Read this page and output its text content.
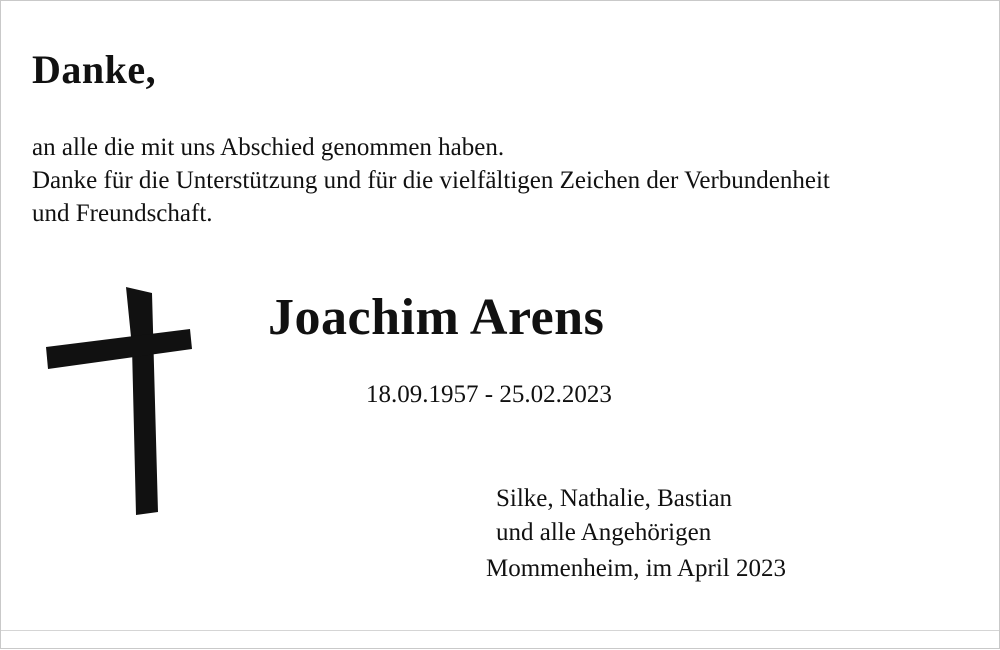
Danke,
an alle die mit uns Abschied genommen haben.
Danke für die Unterstützung und für die vielfältigen Zeichen der Verbundenheit
und Freundschaft.
Joachim Arens
18.09.1957 - 25.02.2023
Silke, Nathalie, Bastian
und alle Angehörigen
Mommenheim, im April 2023
